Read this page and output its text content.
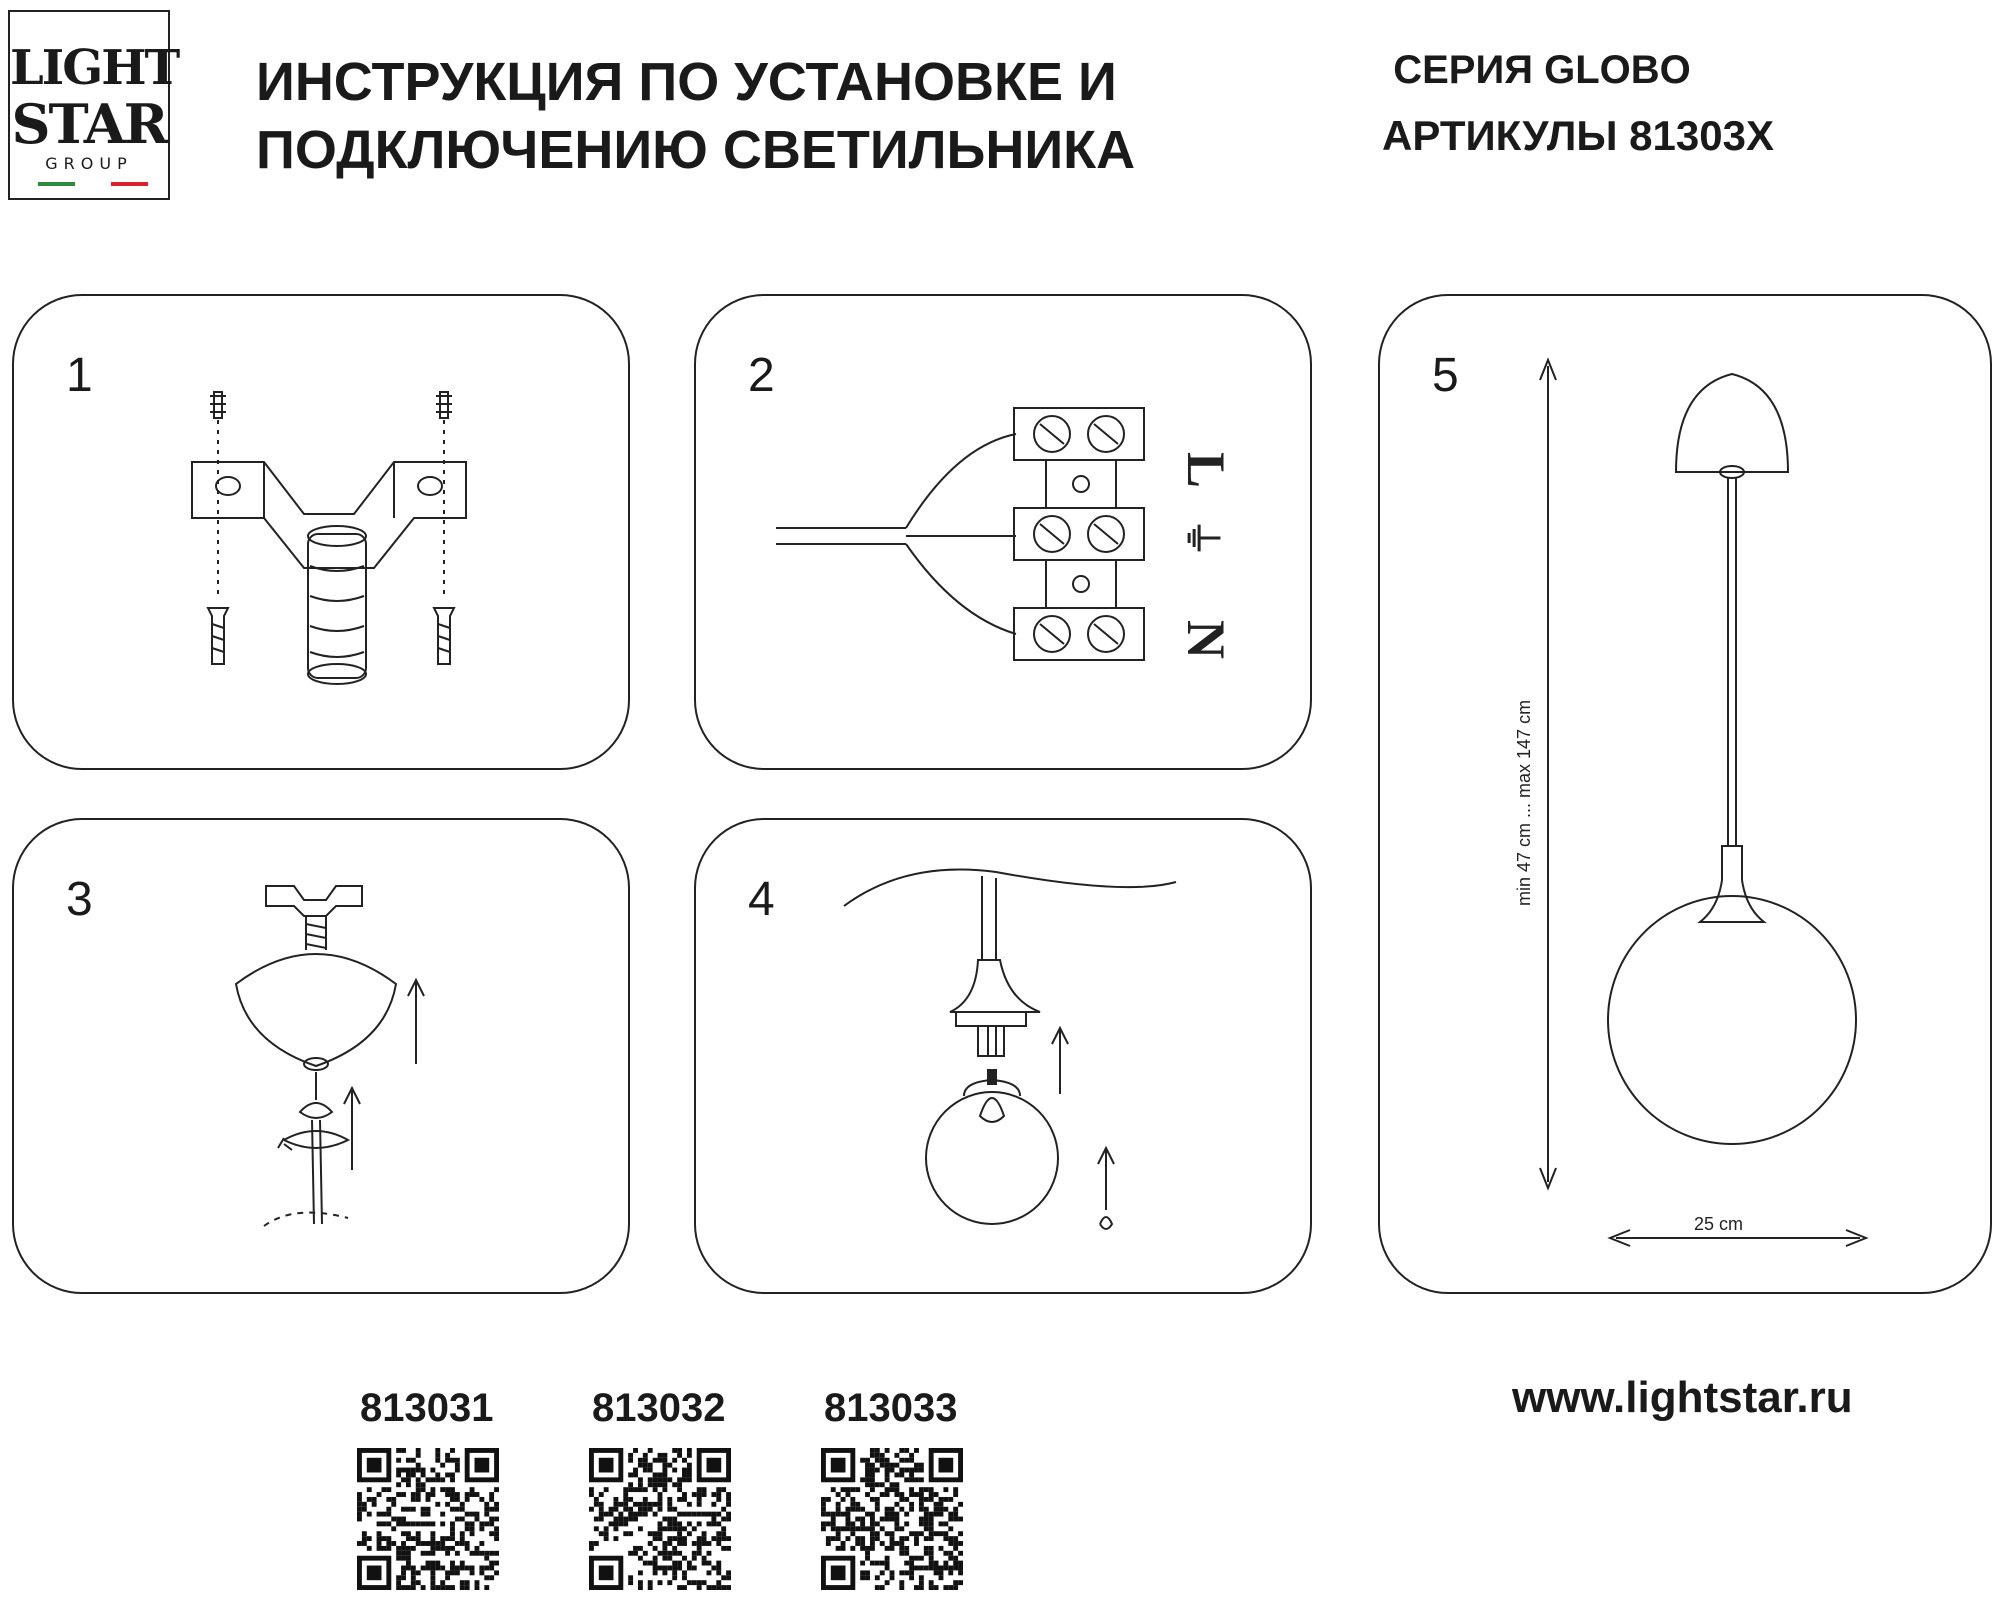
LIGHT
STAR
GROUP
ИНСТРУКЦИЯ ПО УСТАНОВКЕ И
ПОДКЛЮЧЕНИЮ СВЕТИЛЬНИКА
СЕРИЯ GLOBO
АРТИКУЛЫ 81303Х
1	2
L
⏚
N
3	4
5
min 47 cm ... max 147 cm
25 cm
813031 813032 813033	www.lightstar.ru
